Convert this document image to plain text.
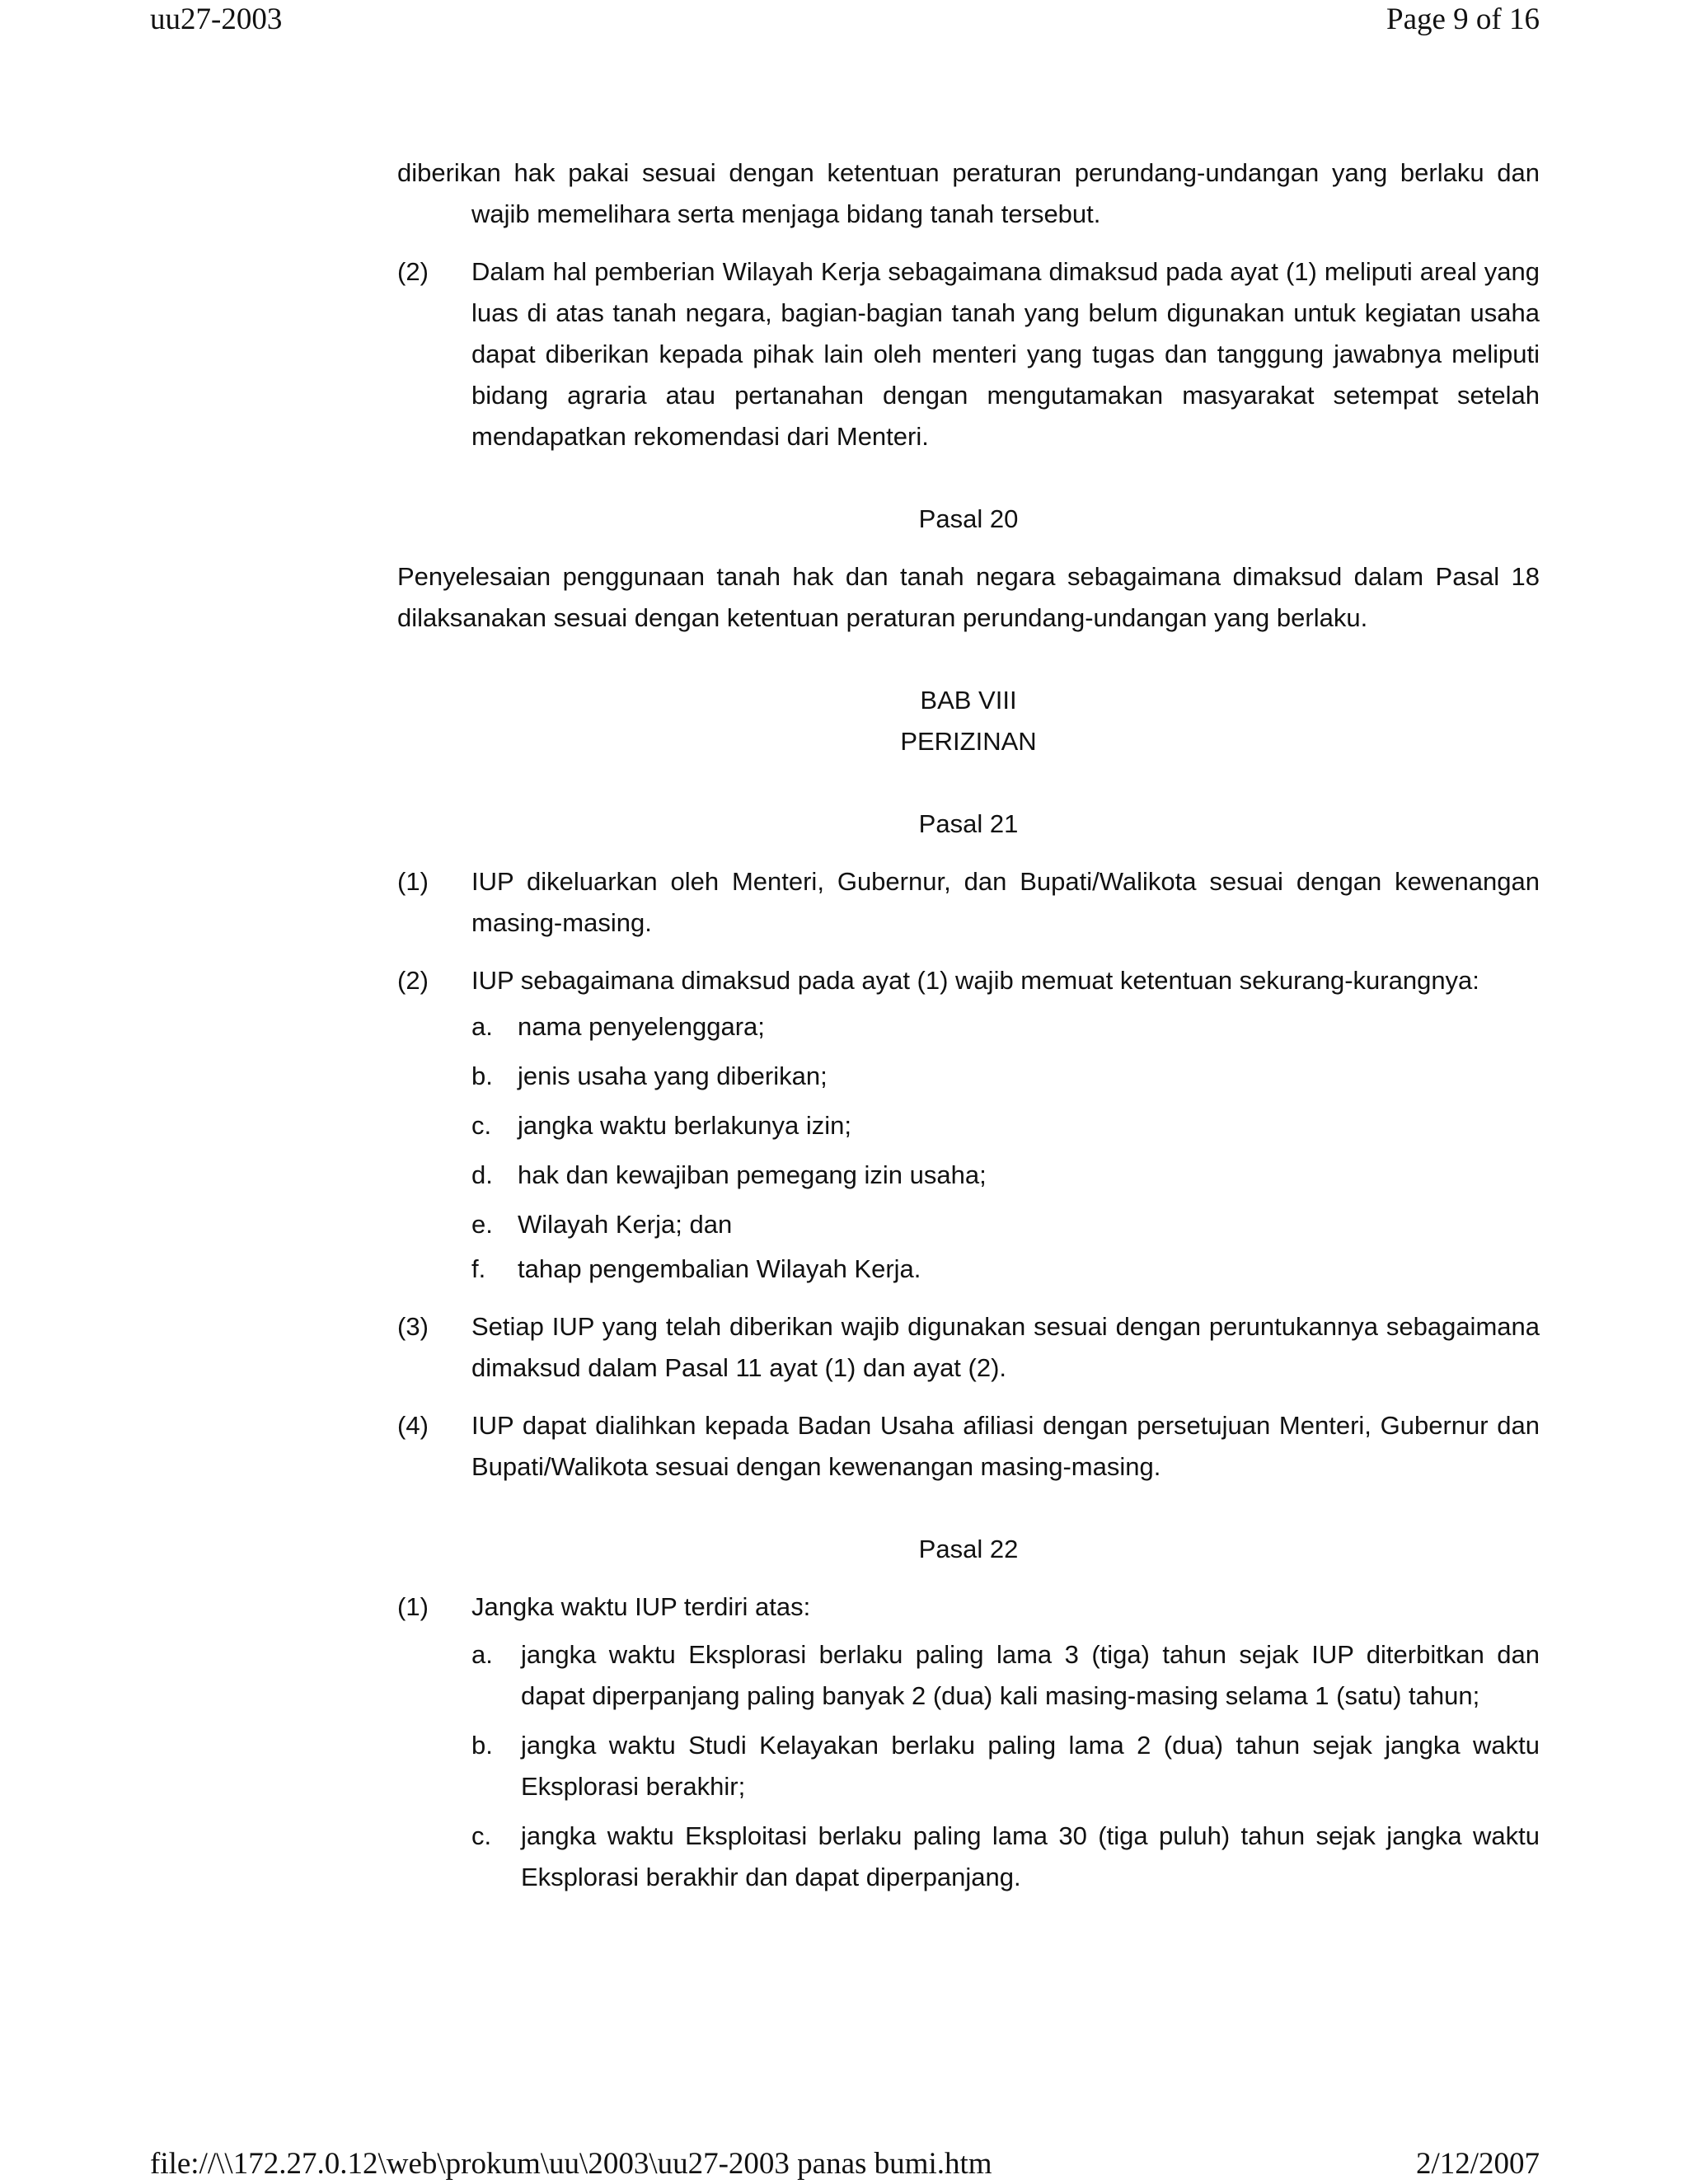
uu27-2003	Page 9 of 16

diberikan hak pakai sesuai dengan ketentuan peraturan perundang-undangan yang berlaku dan wajib memelihara serta menjaga bidang tanah tersebut.

(2) Dalam hal pemberian Wilayah Kerja sebagaimana dimaksud pada ayat (1) meliputi areal yang luas di atas tanah negara, bagian-bagian tanah yang belum digunakan untuk kegiatan usaha dapat diberikan kepada pihak lain oleh menteri yang tugas dan tanggung jawabnya meliputi bidang agraria atau pertanahan dengan mengutamakan masyarakat setempat setelah mendapatkan rekomendasi dari Menteri.
Pasal 20

Penyelesaian penggunaan tanah hak dan tanah negara sebagaimana dimaksud dalam Pasal 18 dilaksanakan sesuai dengan ketentuan peraturan perundang-undangan yang berlaku.

BAB VIII
PERIZINAN
Pasal 21
(1) IUP dikeluarkan oleh Menteri, Gubernur, dan Bupati/Walikota sesuai dengan kewenangan masing-masing.
(2) IUP sebagaimana dimaksud pada ayat (1) wajib memuat ketentuan sekurang-kurangnya:
a. nama penyelenggara;
b. jenis usaha yang diberikan;
c. jangka waktu berlakunya izin;
d. hak dan kewajiban pemegang izin usaha;
e. Wilayah Kerja; dan
f. tahap pengembalian Wilayah Kerja.
(3) Setiap IUP yang telah diberikan wajib digunakan sesuai dengan peruntukannya sebagaimana dimaksud dalam Pasal 11 ayat (1) dan ayat (2).
(4) IUP dapat dialihkan kepada Badan Usaha afiliasi dengan persetujuan Menteri, Gubernur dan Bupati/Walikota sesuai dengan kewenangan masing-masing.
Pasal 22
(1) Jangka waktu IUP terdiri atas:
a. jangka waktu Eksplorasi berlaku paling lama 3 (tiga) tahun sejak IUP diterbitkan dan dapat diperpanjang paling banyak 2 (dua) kali masing-masing selama 1 (satu) tahun;
b. jangka waktu Studi Kelayakan berlaku paling lama 2 (dua) tahun sejak jangka waktu Eksplorasi berakhir;
c. jangka waktu Eksploitasi berlaku paling lama 30 (tiga puluh) tahun sejak jangka waktu Eksplorasi berakhir dan dapat diperpanjang.
file://\\172.27.0.12\web\prokum\uu\2003\uu27-2003 panas bumi.htm	2/12/2007
